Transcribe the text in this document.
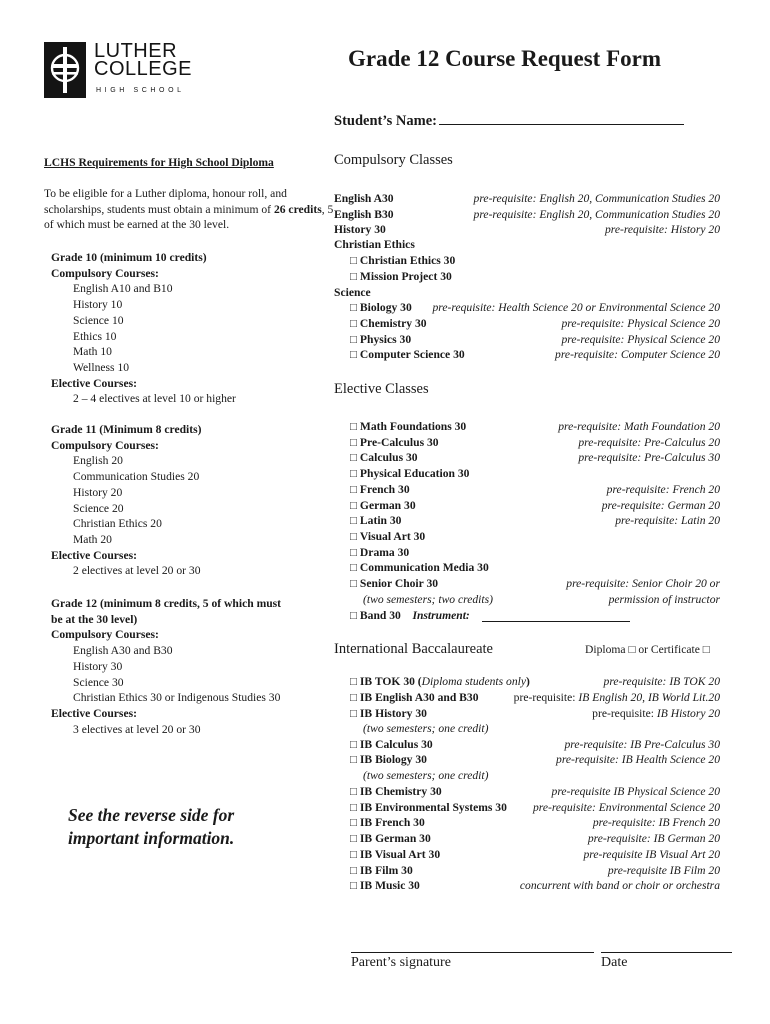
LUTHER
COLLEGE
HIGH SCHOOL
Grade 12 Course Request Form
Student’s Name:
LCHS Requirements for High School Diploma
To be eligible for a Luther diploma, honour roll, and scholarships, students must obtain a minimum of 26 credits, 5 of which must be earned at the 30 level.
Grade 10 (minimum 10 credits)
Compulsory Courses:
English A10 and B10
History 10
Science 10
Ethics 10
Math 10
Wellness 10
Elective Courses:
2 – 4 electives at level 10 or higher
Grade 11 (Minimum 8 credits)
Compulsory Courses:
English 20
Communication Studies 20
History 20
Science 20
Christian Ethics 20
Math 20
Elective Courses:
2 electives at level 20 or 30
Grade 12 (minimum 8 credits, 5 of which must
be at the 30 level)
Compulsory Courses:
English A30 and B30
History 30
Science 30
Christian Ethics 30 or Indigenous Studies 30
Elective Courses:
3 electives at level 20 or 30
See the reverse side for
important information.
Compulsory Classes
English A30	pre-requisite: English 20, Communication Studies 20
English B30	pre-requisite: English 20, Communication Studies 20
History 30	pre-requisite: History 20
Christian Ethics
□ Christian Ethics 30
□ Mission Project 30
Science
□ Biology 30 pre-requisite: Health Science 20 or Environmental Science 20
□ Chemistry 30	pre-requisite: Physical Science 20
□ Physics 30	pre-requisite: Physical Science 20
□ Computer Science 30	pre-requisite: Computer Science 20
Elective Classes
□ Math Foundations 30	pre-requisite: Math Foundation 20
□ Pre-Calculus 30	pre-requisite: Pre-Calculus 20
□ Calculus 30	pre-requisite: Pre-Calculus 30
□ Physical Education 30
□ French 30	pre-requisite: French 20
□ German 30	pre-requisite: German 20
□ Latin 30	pre-requisite: Latin 20
□ Visual Art 30
□ Drama 30
□ Communication Media 30
□ Senior Choir 30	pre-requisite: Senior Choir 20 or
(two semesters; two credits)	permission of instructor
□ Band 30 Instrument:
International Baccalaureate	Diploma □ or Certificate □
□ IB TOK 30 (Diploma students only)	pre-requisite: IB TOK 20
□ IB English A30 and B30	pre-requisite: IB English 20, IB World Lit.20
□ IB History 30	pre-requisite: IB History 20
(two semesters; one credit)
□ IB Calculus 30	pre-requisite: IB Pre-Calculus 30
□ IB Biology 30	pre-requisite: IB Health Science 20
(two semesters; one credit)
□ IB Chemistry 30	pre-requisite IB Physical Science 20
□ IB Environmental Systems 30 pre-requisite: Environmental Science 20
□ IB French 30	pre-requisite: IB French 20
□ IB German 30	pre-requisite: IB German 20
□ IB Visual Art 30	pre-requisite IB Visual Art 20
□ IB Film 30	pre-requisite IB Film 20
□ IB Music 30	concurrent with band or choir or orchestra
Parent’s signature	Date
